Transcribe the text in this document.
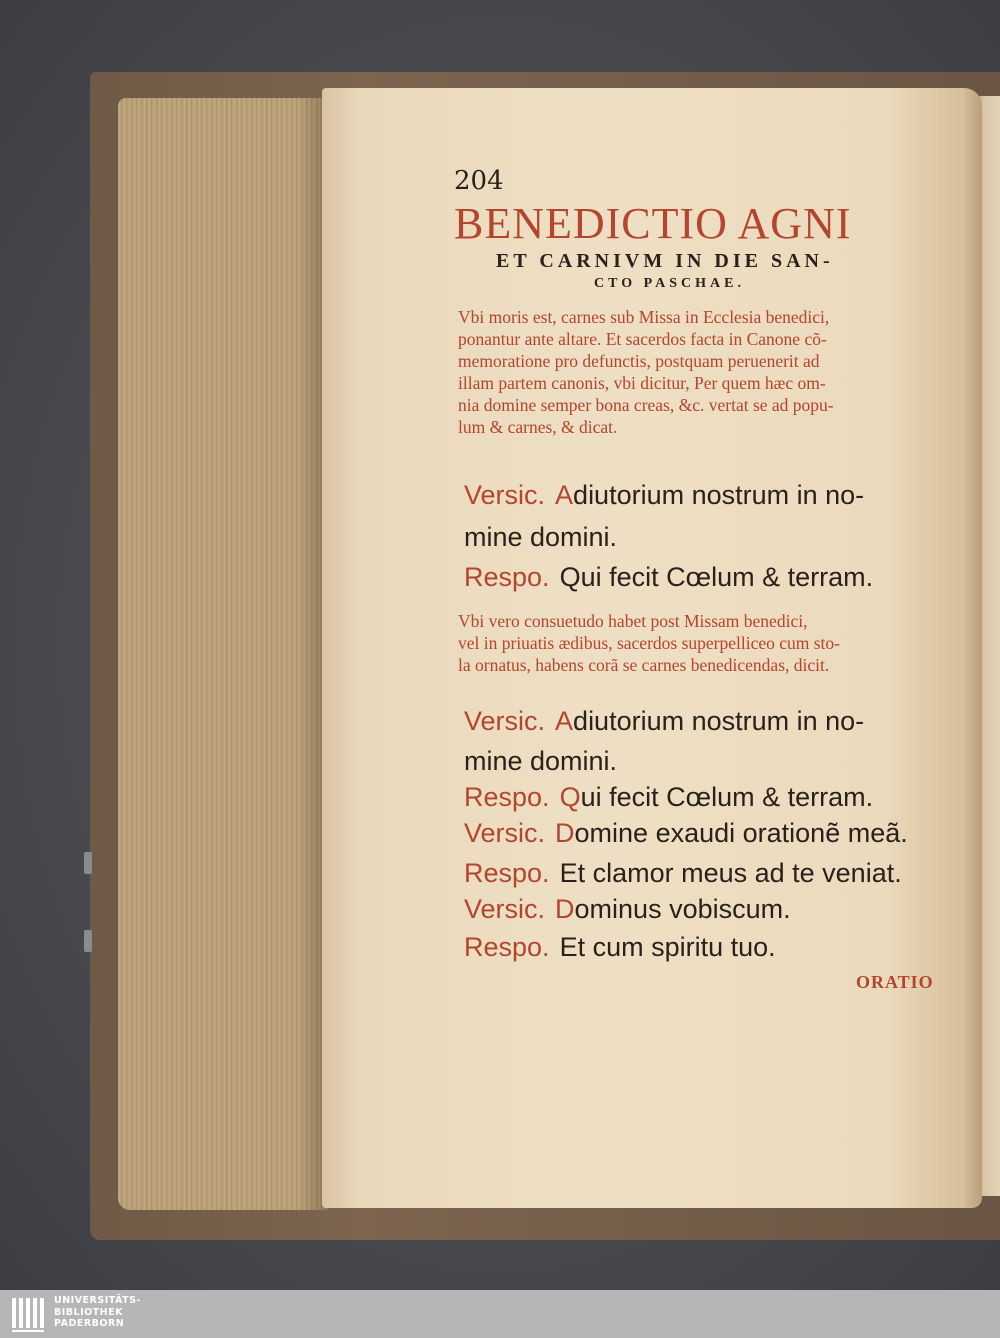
204
BENEDICTIO AGNI
ET CARNIVM IN DIE SAN-
CTO PASCHAE.
Vbi moris est, carnes sub Missa in Ecclesia benedici,
ponantur ante altare. Et sacerdos facta in Canone cõ-
memoratione pro defunctis, postquam peruenerit ad
illam partem canonis, vbi dicitur, Per quem hæc om-
nia domine semper bona creas, &c. vertat se ad popu-
lum & carnes, & dicat.
Versic. Adiutorium nostrum in no-
mine domini.
Respo. Qui fecit Cœlum & terram.
Vbi vero consuetudo habet post Missam benedici,
vel in priuatis ædibus, sacerdos superpelliceo cum sto-
la ornatus, habens corã se carnes benedicendas, dicit.
Versic. Adiutorium nostrum in no-
mine domini.
Respo. Qui fecit Cœlum & terram.
Versic. Domine exaudi orationẽ meã.
Respo. Et clamor meus ad te veniat.
Versic. Dominus vobiscum.
Respo. Et cum spiritu tuo.
ORATIO
UNIVERSITÄTS-
BIBLIOTHEK
PADERBORN
